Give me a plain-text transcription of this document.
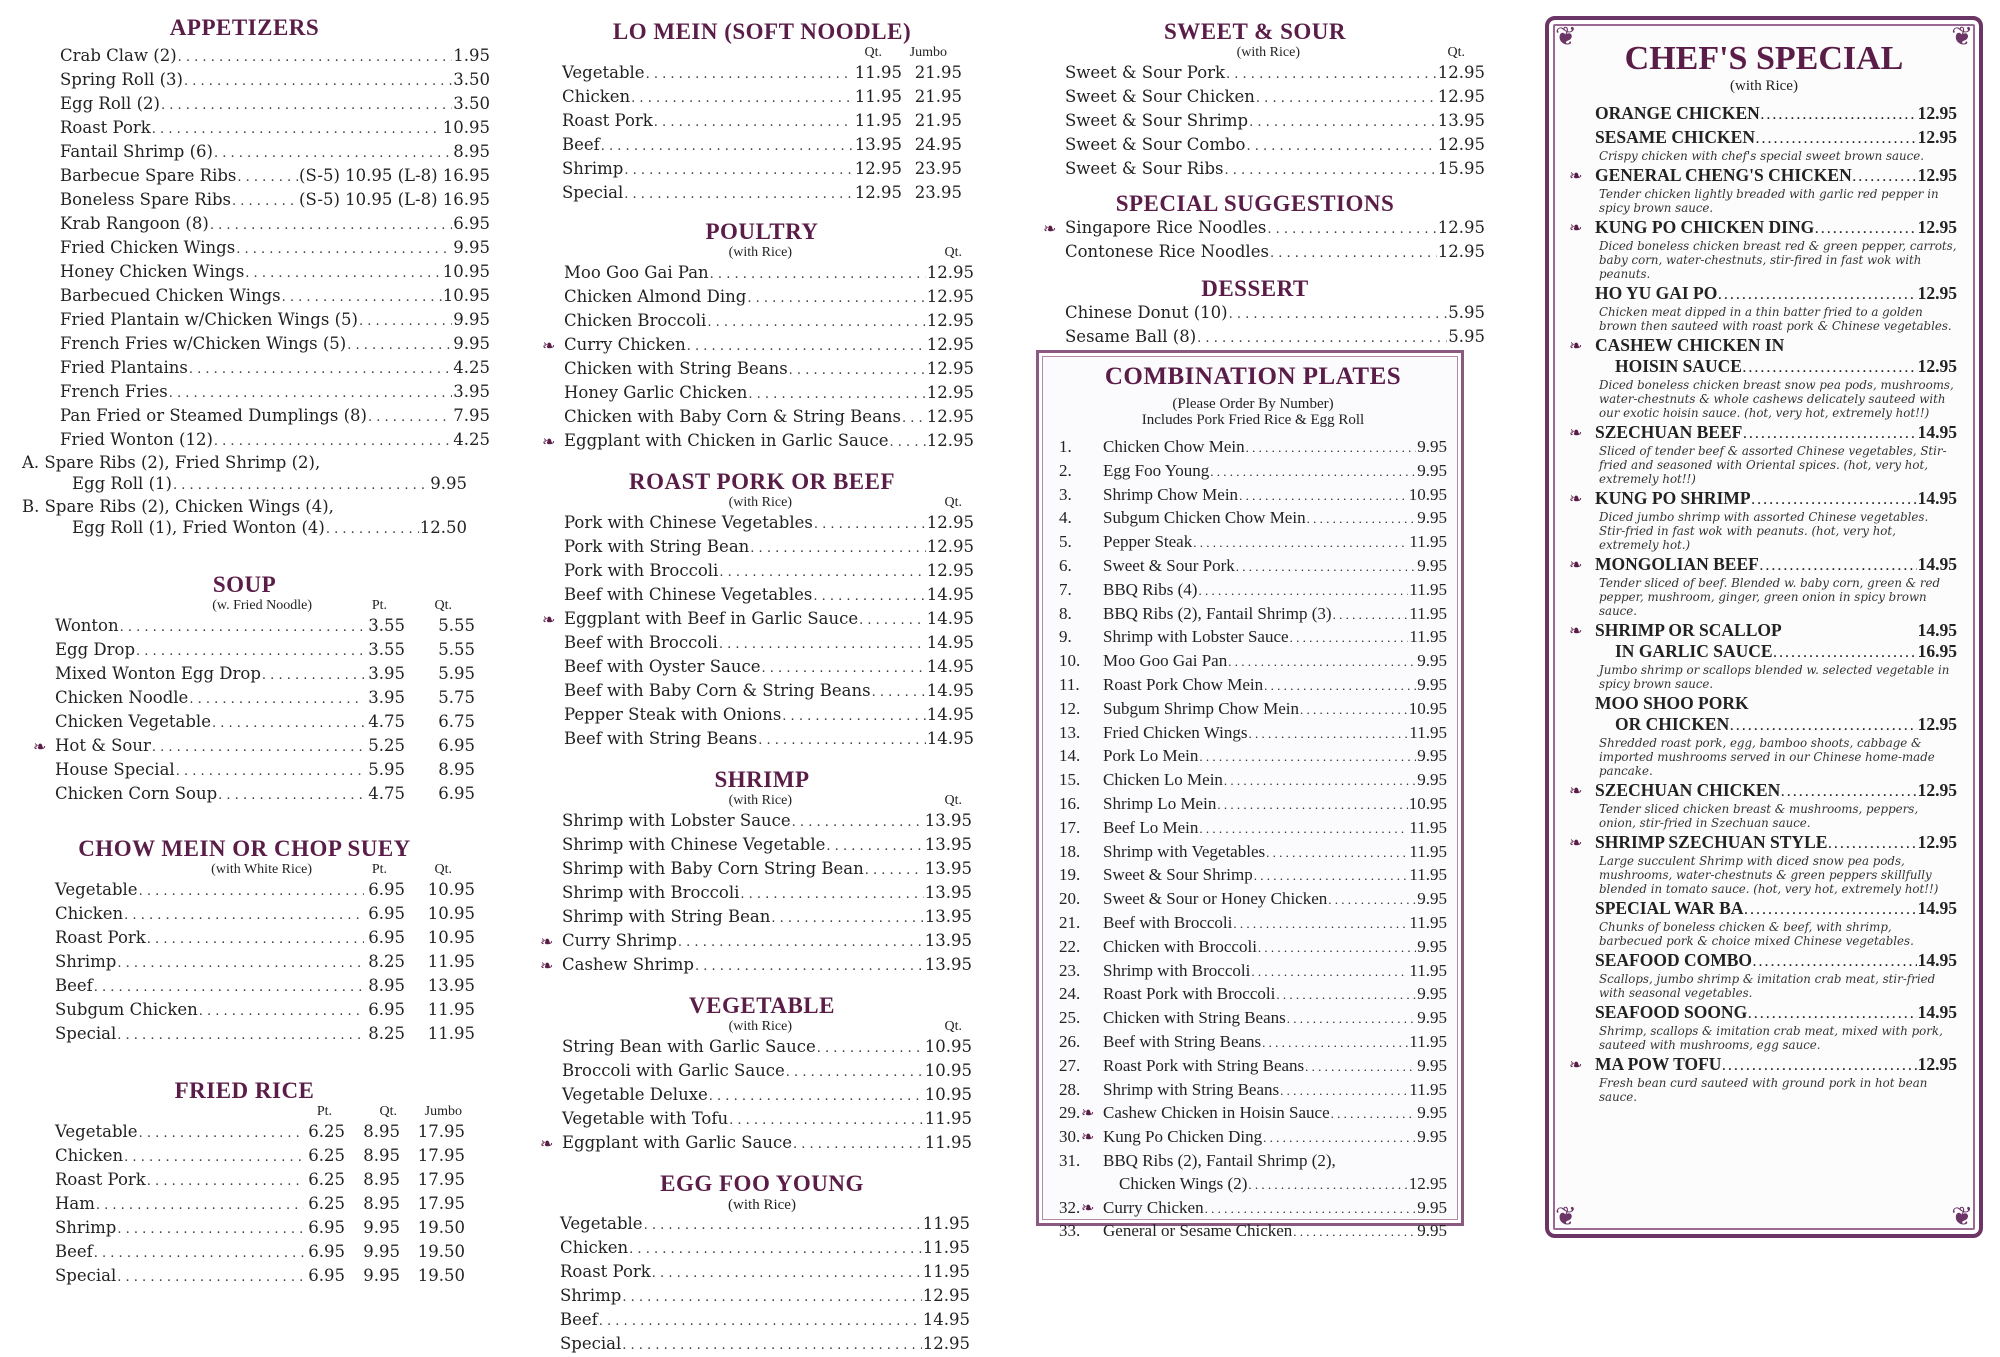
APPETIZERS
Crab Claw (2) . . .	1.95
Spring Roll (3) . . .	3.50
Egg Roll (2) . . .	3.50
Roast Pork . . .	10.95
Fantail Shrimp (6) . . .	8.95
Barbecue Spare Ribs . . .	(S-5) 10.95 (L-8) 16.95
Boneless Spare Ribs . . .	(S-5) 10.95 (L-8) 16.95
Krab Rangoon (8) . . .	6.95
Fried Chicken Wings . . .	9.95
Honey Chicken Wings . . .	10.95
Barbecued Chicken Wings . . .	10.95
Fried Plantain w/Chicken Wings (5) . . .	9.95
French Fries w/Chicken Wings (5) . . .	9.95
Fried Plantains . . .	4.25
French Fries . . .	3.95
Pan Fried or Steamed Dumplings (8) . . .	7.95
Fried Wonton (12) . . .	4.25
A. Spare Ribs (2), Fried Shrimp (2),
Egg Roll (1) . . .	9.95
B. Spare Ribs (2), Chicken Wings (4),
Egg Roll (1), Fried Wonton (4) . . .	12.50
SOUP
(w. Fried Noodle)	Pt.	Qt.
Wonton . . .	3.55 5.55
Egg Drop . . .	3.55 5.55
Mixed Wonton Egg Drop . . .	3.95 5.95
Chicken Noodle . . .	3.95 5.75
Chicken Vegetable . . .	4.75 6.75
❧ Hot & Sour . . .	5.25 6.95
House Special . . .	5.95 8.95
Chicken Corn Soup . . .	4.75 6.95
CHOW MEIN OR CHOP SUEY
(with White Rice)	Pt.	Qt.
Vegetable . . .	6.95 10.95
Chicken . . .	6.95 10.95
Roast Pork . . .	6.95 10.95
Shrimp . . .	8.25 11.95
Beef . . .	8.95 13.95
Subgum Chicken . . .	6.95 11.95
Special . . .	8.25 11.95
FRIED RICE
Pt.	Qt.	Jumbo
Vegetable . . .	6.25 8.95 17.95
Chicken . . .	6.25 8.95 17.95
Roast Pork . . .	6.25 8.95 17.95
Ham . . .	6.25 8.95 17.95
Shrimp . . .	6.95 9.95 19.50
Beef . . .	6.95 9.95 19.50
Special . . .	6.95 9.95 19.50
LO MEIN (SOFT NOODLE)
Qt.	Jumbo
Vegetable . . .	11.95 21.95
Chicken . . .	11.95 21.95
Roast Pork . . .	11.95 21.95
Beef . . .	13.95 24.95
Shrimp . . .	12.95 23.95
Special . . .	12.95 23.95
POULTRY
(with Rice)	Qt.
Moo Goo Gai Pan . . .	12.95
Chicken Almond Ding . . .	12.95
Chicken Broccoli . . .	12.95
❧ Curry Chicken . . .	12.95
Chicken with String Beans . . .	12.95
Honey Garlic Chicken . . .	12.95
Chicken with Baby Corn & String Beans . . . 12.95
❧ Eggplant with Chicken in Garlic Sauce . . . 12.95
ROAST PORK OR BEEF
(with Rice)	Qt.
Pork with Chinese Vegetables . . .	12.95
Pork with String Bean . . .	12.95
Pork with Broccoli . . .	12.95
Beef with Chinese Vegetables . . .	14.95
❧ Eggplant with Beef in Garlic Sauce . . .	14.95
Beef with Broccoli . . .	14.95
Beef with Oyster Sauce . . .	14.95
Beef with Baby Corn & String Beans . . .	14.95
Pepper Steak with Onions . . .	14.95
Beef with String Beans . . .	14.95
SHRIMP
(with Rice)	Qt.
Shrimp with Lobster Sauce . . .	13.95
Shrimp with Chinese Vegetable . . .	13.95
Shrimp with Baby Corn String Bean . . .	13.95
Shrimp with Broccoli . . .	13.95
Shrimp with String Bean . . .	13.95
❧ Curry Shrimp . . .	13.95
❧ Cashew Shrimp . . .	13.95
VEGETABLE
(with Rice)	Qt.
String Bean with Garlic Sauce . . .	10.95
Broccoli with Garlic Sauce . . .	10.95
Vegetable Deluxe . . .	10.95
Vegetable with Tofu . . .	11.95
❧ Eggplant with Garlic Sauce . . .	11.95
EGG FOO YOUNG
(with Rice)
Vegetable . . .	11.95
Chicken . . .	11.95
Roast Pork . . .	11.95
Shrimp . . .	12.95
Beef . . .	14.95
Special . . .	12.95
SWEET & SOUR
(with Rice)	Qt.
Sweet & Sour Pork . . .	12.95
Sweet & Sour Chicken . . .	12.95
Sweet & Sour Shrimp . . .	13.95
Sweet & Sour Combo . . .	12.95
Sweet & Sour Ribs . . .	15.95
SPECIAL SUGGESTIONS
❧ Singapore Rice Noodles . . .	12.95
Contonese Rice Noodles . . .	12.95
DESSERT
Chinese Donut (10) . . .	5.95
Sesame Ball (8) . . .	5.95
COMBINATION PLATES
(Please Order By Number)
Includes Pork Fried Rice & Egg Roll
1.	Chicken Chow Mein . . .	9.95
2.	Egg Foo Young . . .	9.95
3.	Shrimp Chow Mein . . .	10.95
4.	Subgum Chicken Chow Mein . . .	9.95
5.	Pepper Steak . . .	11.95
6.	Sweet & Sour Pork . . .	9.95
7.	BBQ Ribs (4) . . .	11.95
8.	BBQ Ribs (2), Fantail Shrimp (3) . . .	11.95
9.	Shrimp with Lobster Sauce . . .	11.95
10.	Moo Goo Gai Pan . . .	9.95
11.	Roast Pork Chow Mein . . .	9.95
12.	Subgum Shrimp Chow Mein . . .	10.95
13.	Fried Chicken Wings . . .	11.95
14.	Pork Lo Mein . . .	9.95
15.	Chicken Lo Mein . . .	9.95
16.	Shrimp Lo Mein . . .	10.95
17.	Beef Lo Mein . . .	11.95
18.	Shrimp with Vegetables . . .	11.95
19.	Sweet & Sour Shrimp . . .	11.95
20.	Sweet & Sour or Honey Chicken . . .	9.95
21.	Beef with Broccoli . . .	11.95
22.	Chicken with Broccoli . . .	9.95
23.	Shrimp with Broccoli . . .	11.95
24.	Roast Pork with Broccoli . . .	9.95
25.	Chicken with String Beans . . .	9.95
26.	Beef with String Beans . . .	11.95
27.	Roast Pork with String Beans . . .	9.95
28.	Shrimp with String Beans . . .	11.95
29. ❧ Cashew Chicken in Hoisin Sauce . . .	9.95
30. ❧ Kung Po Chicken Ding . . .	9.95
31.	BBQ Ribs (2), Fantail Shrimp (2),
Chicken Wings (2) . . .	12.95
32. ❧ Curry Chicken . . .	9.95
33.	General or Sesame Chicken . . .	9.95
❦	❦
❦	❦
CHEF'S SPECIAL
(with Rice)
ORANGE CHICKEN . . .	12.95
SESAME CHICKEN . . .	12.95
Crispy chicken with chef's special sweet brown sauce.
❧ GENERAL CHENG'S CHICKEN . . .	12.95
Tender chicken lightly breaded with garlic red pepper in spicy brown sauce.
❧ KUNG PO CHICKEN DING . . .	12.95
Diced boneless chicken breast red & green pepper, carrots, baby corn, water-chestnuts, stir-fired in fast wok with peanuts.
HO YU GAI PO . . .	12.95
Chicken meat dipped in a thin batter fried to a golden brown then sauteed with roast pork & Chinese vegetables.
❧ CASHEW CHICKEN IN
HOISIN SAUCE . . .	12.95
Diced boneless chicken breast snow pea pods, mushrooms, water-chestnuts & whole cashews delicately sauteed with our exotic hoisin sauce. (hot, very hot, extremely hot!!)
❧ SZECHUAN BEEF . . .	14.95
Sliced of tender beef & assorted Chinese vegetables, Stir-fried and seasoned with Oriental spices. (hot, very hot, extremely hot!!)
❧ KUNG PO SHRIMP . . .	14.95
Diced jumbo shrimp with assorted Chinese vegetables. Stir-fried in fast wok with peanuts. (hot, very hot, extremely hot.)
❧ MONGOLIAN BEEF . . .	14.95
Tender sliced of beef. Blended w. baby corn, green & red pepper, mushroom, ginger, green onion in spicy brown sauce.
❧ SHRIMP OR SCALLOP	14.95
IN GARLIC SAUCE . . .	16.95
Jumbo shrimp or scallops blended w. selected vegetable in spicy brown sauce.
MOO SHOO PORK
OR CHICKEN . . .	12.95
Shredded roast pork, egg, bamboo shoots, cabbage & imported mushrooms served in our Chinese home-made pancake.
❧ SZECHUAN CHICKEN . . .	12.95
Tender sliced chicken breast & mushrooms, peppers, onion, stir-fried in Szechuan sauce.
❧ SHRIMP SZECHUAN STYLE . . .	12.95
Large succulent Shrimp with diced snow pea pods, mushrooms, water-chestnuts & green peppers skillfully blended in tomato sauce. (hot, very hot, extremely hot!!)
SPECIAL WAR BA . . .	14.95
Chunks of boneless chicken & beef, with shrimp, barbecued pork & choice mixed Chinese vegetables.
SEAFOOD COMBO . . .	14.95
Scallops, jumbo shrimp & imitation crab meat, stir-fried with seasonal vegetables.
SEAFOOD SOONG . . .	14.95
Shrimp, scallops & imitation crab meat, mixed with pork, sauteed with mushrooms, egg sauce.
❧ MA POW TOFU . . .	12.95
Fresh bean curd sauteed with ground pork in hot bean sauce.
